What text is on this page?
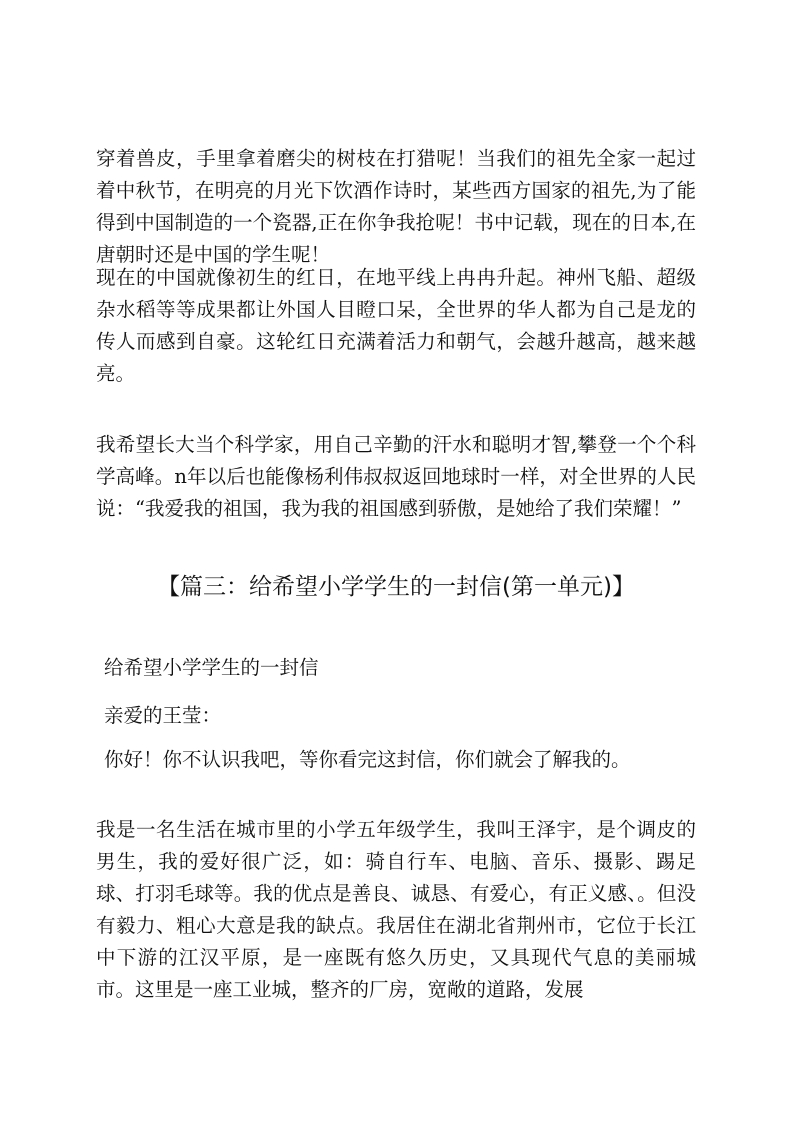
穿着兽皮，手里拿着磨尖的树枝在打猎呢！当我们的祖先全家一起过着中秋节，在明亮的月光下饮酒作诗时，某些西方国家的祖先,为了能得到中国制造的一个瓷器,正在你争我抢呢！书中记载，现在的日本,在唐朝时还是中国的学生呢！

现在的中国就像初生的红日，在地平线上冉冉升起。神州飞船、超级杂水稻等等成果都让外国人目瞪口呆，全世界的华人都为自己是龙的传人而感到自豪。这轮红日充满着活力和朝气，会越升越高，越来越亮。

我希望长大当个科学家，用自己辛勤的汗水和聪明才智,攀登一个个科学高峰。n年以后也能像杨利伟叔叔返回地球时一样，对全世界的人民说：“我爱我的祖国，我为我的祖国感到骄傲，是她给了我们荣耀！”

【篇三：给希望小学学生的一封信(第一单元)】

给希望小学学生的一封信

亲爱的王莹：

你好！你不认识我吧，等你看完这封信，你们就会了解我的。

我是一名生活在城市里的小学五年级学生，我叫王泽宇，是个调皮的男生，我的爱好很广泛，如：骑自行车、电脑、音乐、摄影、踢足球、打羽毛球等。我的优点是善良、诚恳、有爱心，有正义感、。但没有毅力、粗心大意是我的缺点。我居住在湖北省荆州市，它位于长江中下游的江汉平原，是一座既有悠久历史，又具现代气息的美丽城市。这里是一座工业城，整齐的厂房，宽敞的道路，发展
